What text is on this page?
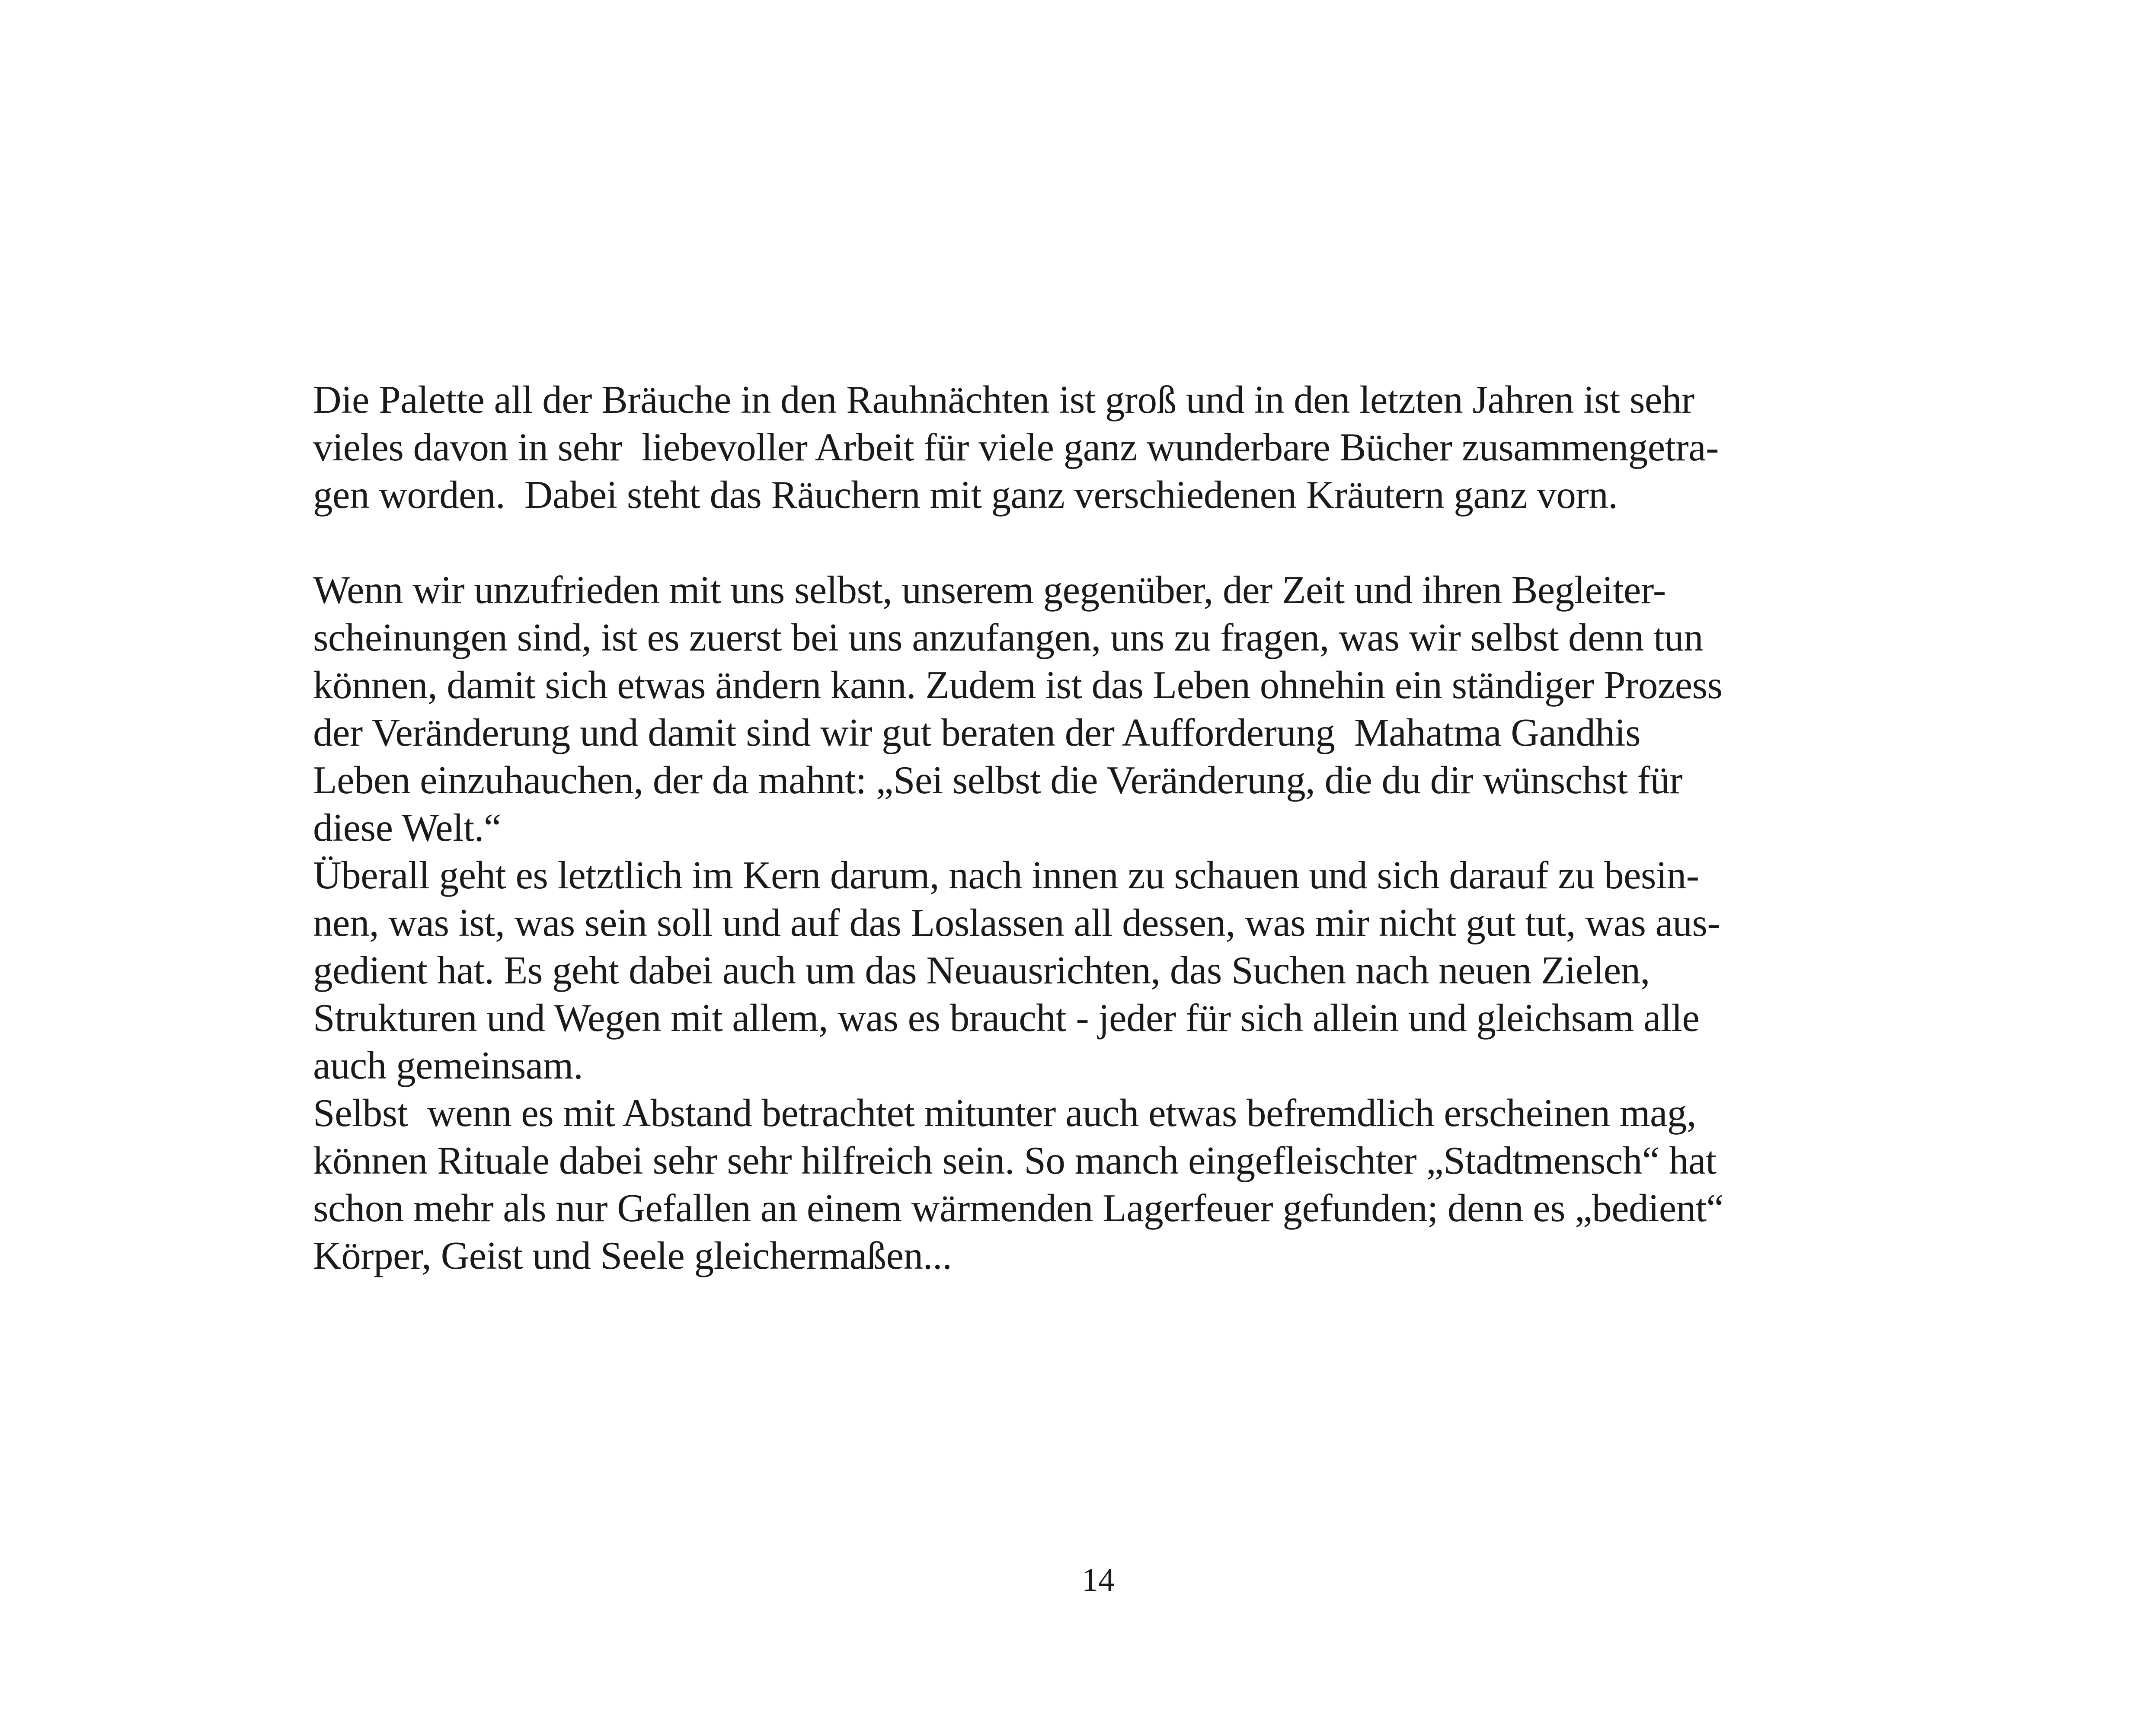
Die Palette all der Bräuche in den Rauhnächten ist groß und in den letzten Jahren ist sehr
vieles davon in sehr  liebevoller Arbeit für viele ganz wunderbare Bücher zusammengetra-
gen worden.  Dabei steht das Räuchern mit ganz verschiedenen Kräutern ganz vorn.
Wenn wir unzufrieden mit uns selbst, unserem gegenüber, der Zeit und ihren Begleiter-
scheinungen sind, ist es zuerst bei uns anzufangen, uns zu fragen, was wir selbst denn tun
können, damit sich etwas ändern kann. Zudem ist das Leben ohnehin ein ständiger Prozess
der Veränderung und damit sind wir gut beraten der Aufforderung  Mahatma Gandhis
Leben einzuhauchen, der da mahnt: „Sei selbst die Veränderung, die du dir wünschst für
diese Welt.“
Überall geht es letztlich im Kern darum, nach innen zu schauen und sich darauf zu besin-
nen, was ist, was sein soll und auf das Loslassen all dessen, was mir nicht gut tut, was aus-
gedient hat. Es geht dabei auch um das Neuausrichten, das Suchen nach neuen Zielen,
Strukturen und Wegen mit allem, was es braucht - jeder für sich allein und gleichsam alle
auch gemeinsam.
Selbst  wenn es mit Abstand betrachtet mitunter auch etwas befremdlich erscheinen mag,
können Rituale dabei sehr sehr hilfreich sein. So manch eingefleischter „Stadtmensch“ hat
schon mehr als nur Gefallen an einem wärmenden Lagerfeuer gefunden; denn es „bedient“
Körper, Geist und Seele gleichermaßen...
14
